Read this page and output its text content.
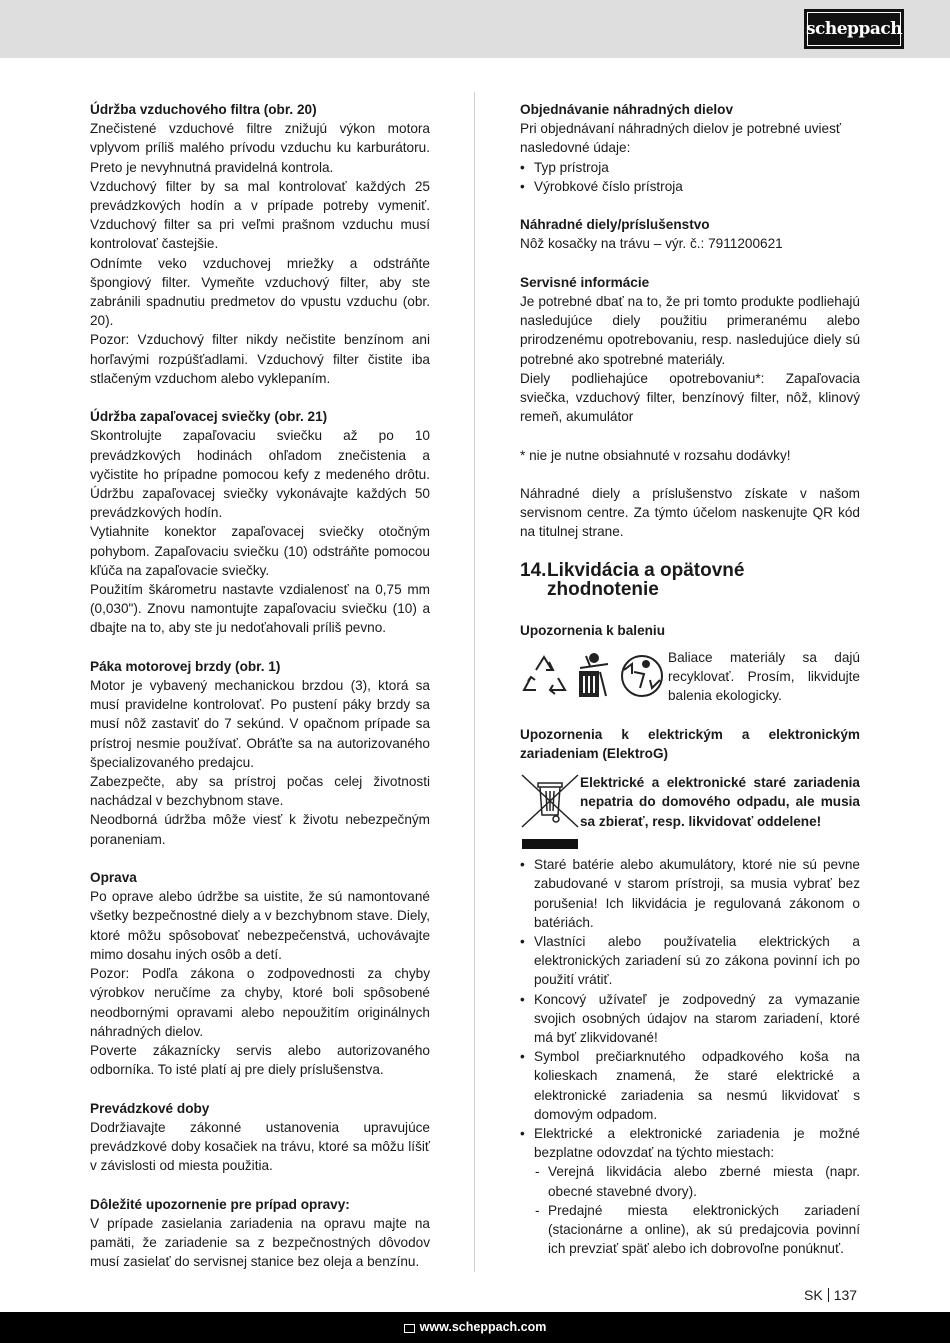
scheppach
Údržba vzduchového filtra (obr. 20)

Znečistené vzduchové filtre znižujú výkon motora vplyvom príliš malého prívodu vzduchu ku karburátoru. Preto je nevyhnutná pravidelná kontrola.

Vzduchový filter by sa mal kontrolovať každých 25 prevádzkových hodín a v prípade potreby vymeniť. Vzduchový filter sa pri veľmi prašnom vzduchu musí kontrolovať častejšie.

Odnímte veko vzduchovej mriežky a odstráňte špongiový filter. Vymeňte vzduchový filter, aby ste zabránili spadnutiu predmetov do vpustu vzduchu (obr. 20).

Pozor: Vzduchový filter nikdy nečistite benzínom ani horľavými rozpúšťadlami. Vzduchový filter čistite iba stlačeným vzduchom alebo vyklepaním.

Údržba zapaľovacej sviečky (obr. 21)

Skontrolujte zapaľovaciu sviečku až po 10 prevádzkových hodinách ohľadom znečistenia a vyčistite ho prípadne pomocou kefy z medeného drôtu. Údržbu zapaľovacej sviečky vykonávajte každých 50 prevádzkových hodín.

Vytiahnite konektor zapaľovacej sviečky otočným pohybom. Zapaľovaciu sviečku (10) odstráňte pomocou kľúča na zapaľovacie sviečky.

Použitím škárometru nastavte vzdialenosť na 0,75 mm (0,030"). Znovu namontujte zapaľovaciu sviečku (10) a dbajte na to, aby ste ju nedoťahovali príliš pevno.

Páka motorovej brzdy (obr. 1)

Motor je vybavený mechanickou brzdou (3), ktorá sa musí pravidelne kontrolovať. Po pustení páky brzdy sa musí nôž zastaviť do 7 sekúnd. V opačnom prípade sa prístroj nesmie používať. Obráťte sa na autorizovaného špecializovaného predajcu.

Zabezpečte, aby sa prístroj počas celej životnosti nachádzal v bezchybnom stave.

Neodborná údržba môže viesť k životu nebezpečným poraneniam.

Oprava

Po oprave alebo údržbe sa uistite, že sú namontované všetky bezpečnostné diely a v bezchybnom stave. Diely, ktoré môžu spôsobovať nebezpečenstvá, uchovávajte mimo dosahu iných osôb a detí.

Pozor: Podľa zákona o zodpovednosti za chyby výrobkov neručíme za chyby, ktoré boli spôsobené neodbornými opravami alebo nepoužitím originálnych náhradných dielov.

Poverte zákaznícky servis alebo autorizovaného odborníka. To isté platí aj pre diely príslušenstva.

Prevádzkové doby

Dodržiavajte zákonné ustanovenia upravujúce prevádzkové doby kosačiek na trávu, ktoré sa môžu líšiť v závislosti od miesta použitia.

Dôležité upozornenie pre prípad opravy:

V prípade zasielania zariadenia na opravu majte na pamäti, že zariadenie sa z bezpečnostných dôvodov musí zasielať do servisnej stanice bez oleja a benzínu.

Objednávanie náhradných dielov

Pri objednávaní náhradných dielov je potrebné uviesť nasledovné údaje:

• Typ prístroja
• Výrobkové číslo prístroja
Náhradné diely/príslušenstvo

Nôž kosačky na trávu – výr. č.: 7911200621

Servisné informácie

Je potrebné dbať na to, že pri tomto produkte podliehajú nasledujúce diely použitiu primeranému alebo prirodzenému opotrebovaniu, resp. nasledujúce diely sú potrebné ako spotrebné materiály.

Diely podliehajúce opotrebovaniu*: Zapaľovacia sviečka, vzduchový filter, benzínový filter, nôž, klinový remeň, akumulátor

* nie je nutne obsiahnuté v rozsahu dodávky!

Náhradné diely a príslušenstvo získate v našom servisnom centre. Za týmto účelom naskenujte QR kód na titulnej strane.

14. Likvidácia a opätovné zhodnotenie
Upozornenia k baleniu

Baliace materiály sa dajú recyklovať. Prosím, likvidujte balenia ekologicky.

Upozornenia k elektrickým a elektronickým zariadeniam (ElektroG)

Elektrické a elektronické staré zariadenia nepatria do domového odpadu, ale musia sa zbierať, resp. likvidovať oddelene!

• Staré batérie alebo akumulátory, ktoré nie sú pevne zabudované v starom prístroji, sa musia vybrať bez porušenia! Ich likvidácia je regulovaná zákonom o batériách.
• Vlastníci alebo používatelia elektrických a elektronických zariadení sú zo zákona povinní ich po použití vrátiť.
• Koncový užívateľ je zodpovedný za vymazanie svojich osobných údajov na starom zariadení, ktoré má byť zlikvidované!
• Symbol prečiarknutého odpadkového koša na kolieskach znamená, že staré elektrické a elektronické zariadenia sa nesmú likvidovať s domovým odpadom.
• Elektrické a elektronické zariadenia je možné bezplatne odovzdať na týchto miestach:
- Verejná likvidácia alebo zberné miesta (napr. obecné stavebné dvory).
- Predajné miesta elektronických zariadení (stacionárne a online), ak sú predajcovia povinní ich prevziať späť alebo ich dobrovoľne ponúknuť.
SK 137
www.scheppach.com
